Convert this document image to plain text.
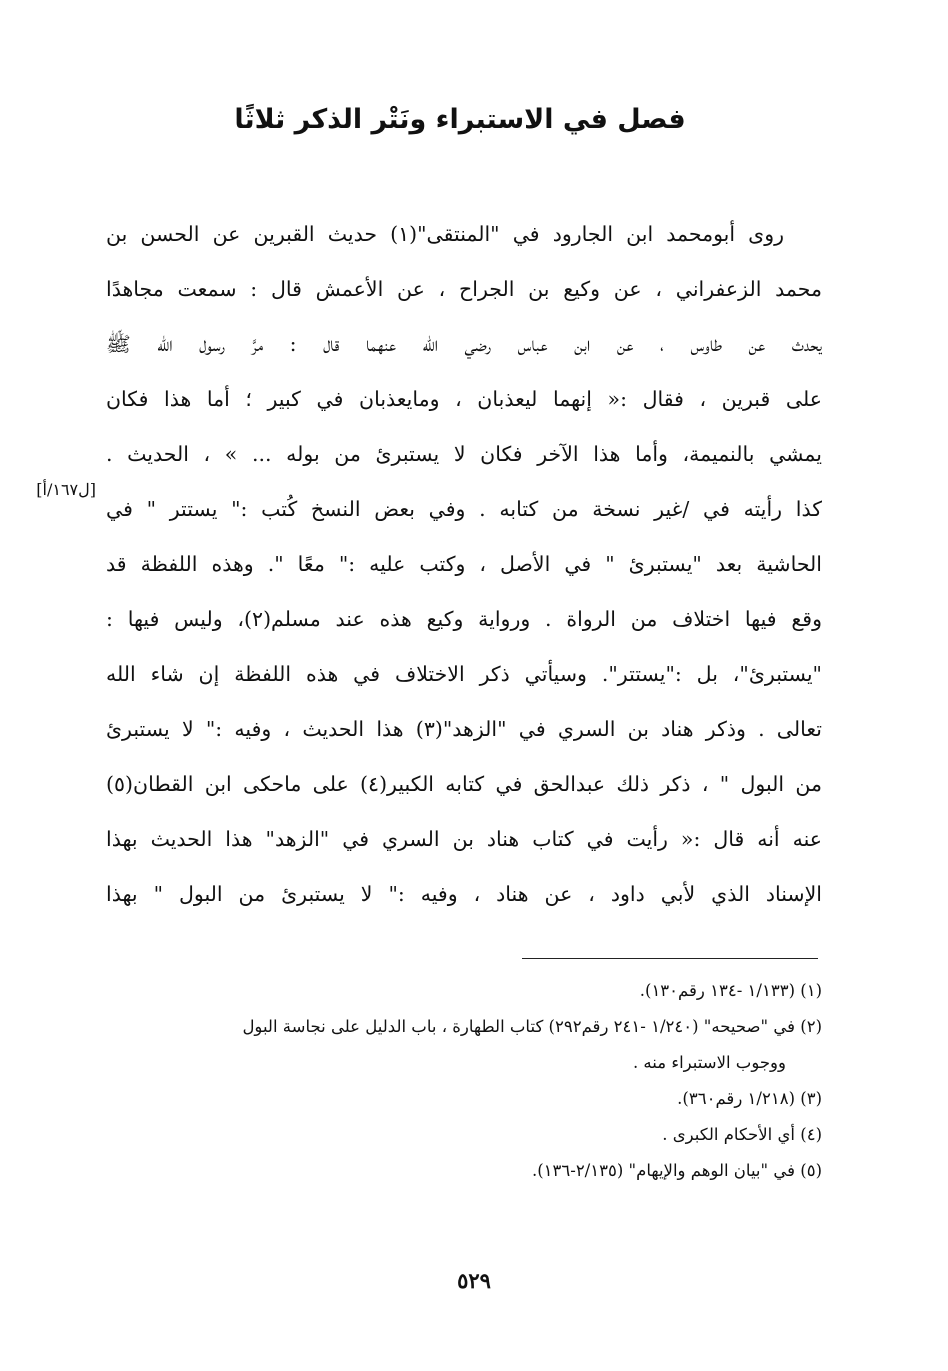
فصل في الاستبراء ونَتْر الذكر ثلاثًا
[ل١٦٧/أ]
روى أبومحمد ابن الجارود في "المنتقى"(١) حديث القبرين عن الحسن بن
محمد الزعفراني ، عن وكيع بن الجراح ، عن الأعمش قال : سمعت مجاهدًا
يحدث عن طاوس ، عن ابن عباس رضي الله عنهما قال : مرَّ رسول الله ﷺ
على قبرين ، فقال :« إنهما ليعذبان ، ومايعذبان في كبير ؛ أما هذا فكان
يمشي بالنميمة، وأما هذا الآخر فكان لا يستبرئ من بوله ... » ، الحديث .
كذا رأيته في /غير نسخة من كتابه . وفي بعض النسخ كُتب :" يستتر " في
الحاشية بعد "يستبرئ " في الأصل ، وكتب عليه :" معًا ". وهذه اللفظة قد
وقع فيها اختلاف من الرواة . ورواية وكيع هذه عند مسلم(٢)، وليس فيها :
"يستبرئ"، بل :"يستتر". وسيأتي ذكر الاختلاف في هذه اللفظة إن شاء الله
تعالى . وذكر هناد بن السري في "الزهد"(٣) هذا الحديث ، وفيه :" لا يستبرئ
من البول " ، ذكر ذلك عبدالحق في كتابه الكبير(٤) على ماحكى ابن القطان(٥)
عنه أنه قال :« رأيت في كتاب هناد بن السري في "الزهد" هذا الحديث بهذا
الإسناد الذي لأبي داود ، عن هناد ، وفيه :" لا يستبرئ من البول " بهذا
(١) (١/١٣٣ -١٣٤ رقم١٣٠).
(٢) في "صحيحه" (١/٢٤٠ -٢٤١ رقم٢٩٢) كتاب الطهارة ، باب الدليل على نجاسة البول
ووجوب الاستبراء منه .
(٣) (١/٢١٨ رقم٣٦٠).
(٤) أي الأحكام الكبرى .
(٥) في "بيان الوهم والإيهام" (٢/١٣٥-١٣٦).
٥٢٩
